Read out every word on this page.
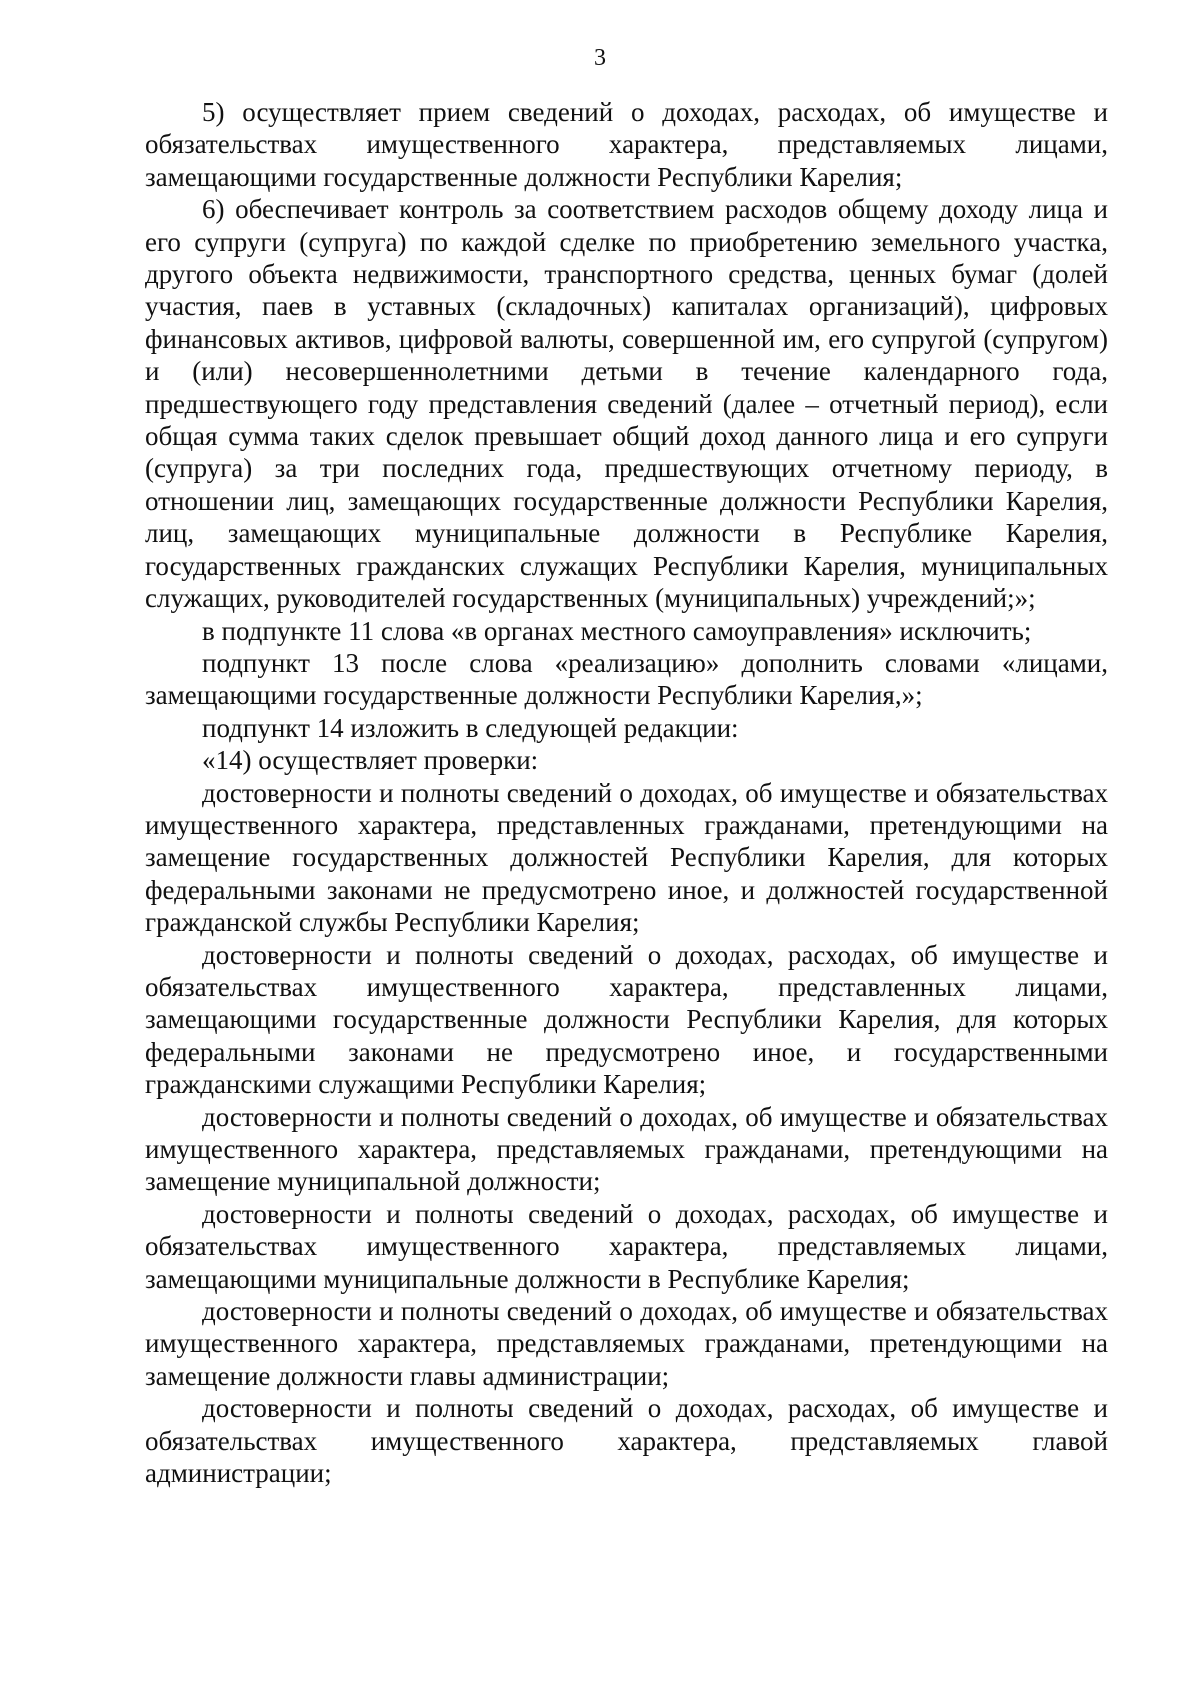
3

5) осуществляет прием сведений о доходах, расходах, об имуществе и обязательствах имущественного характера, представляемых лицами, замещающими государственные должности Республики Карелия;

6) обеспечивает контроль за соответствием расходов общему доходу лица и его супруги (супруга) по каждой сделке по приобретению земельного участка, другого объекта недвижимости, транспортного средства, ценных бумаг (долей участия, паев в уставных (складочных) капиталах организаций), цифровых финансовых активов, цифровой валюты, совершенной им, его супругой (супругом) и (или) несовершеннолетними детьми в течение календарного года, предшествующего году представления сведений (далее – отчетный период), если общая сумма таких сделок превышает общий доход данного лица и его супруги (супруга) за три последних года, предшествующих отчетному периоду, в отношении лиц, замещающих государственные должности Республики Карелия, лиц, замещающих муниципальные должности в Республике Карелия, государственных гражданских служащих Республики Карелия, муниципальных служащих, руководителей государственных (муниципальных) учреждений;»;

в подпункте 11 слова «в органах местного самоуправления» исключить;

подпункт 13 после слова «реализацию» дополнить словами «лицами, замещающими государственные должности Республики Карелия,»;

подпункт 14 изложить в следующей редакции:

«14) осуществляет проверки:

достоверности и полноты сведений о доходах, об имуществе и обязательствах имущественного характера, представленных гражданами, претендующими на замещение государственных должностей Республики Карелия, для которых федеральными законами не предусмотрено иное, и должностей государственной гражданской службы Республики Карелия;

достоверности и полноты сведений о доходах, расходах, об имуществе и обязательствах имущественного характера, представленных лицами, замещающими государственные должности Республики Карелия, для которых федеральными законами не предусмотрено иное, и государственными гражданскими служащими Республики Карелия;

достоверности и полноты сведений о доходах, об имуществе и обязательствах имущественного характера, представляемых гражданами, претендующими на замещение муниципальной должности;

достоверности и полноты сведений о доходах, расходах, об имуществе и обязательствах имущественного характера, представляемых лицами, замещающими муниципальные должности в Республике Карелия;

достоверности и полноты сведений о доходах, об имуществе и обязательствах имущественного характера, представляемых гражданами, претендующими на замещение должности главы администрации;

достоверности и полноты сведений о доходах, расходах, об имуществе и обязательствах имущественного характера, представляемых главой администрации;
